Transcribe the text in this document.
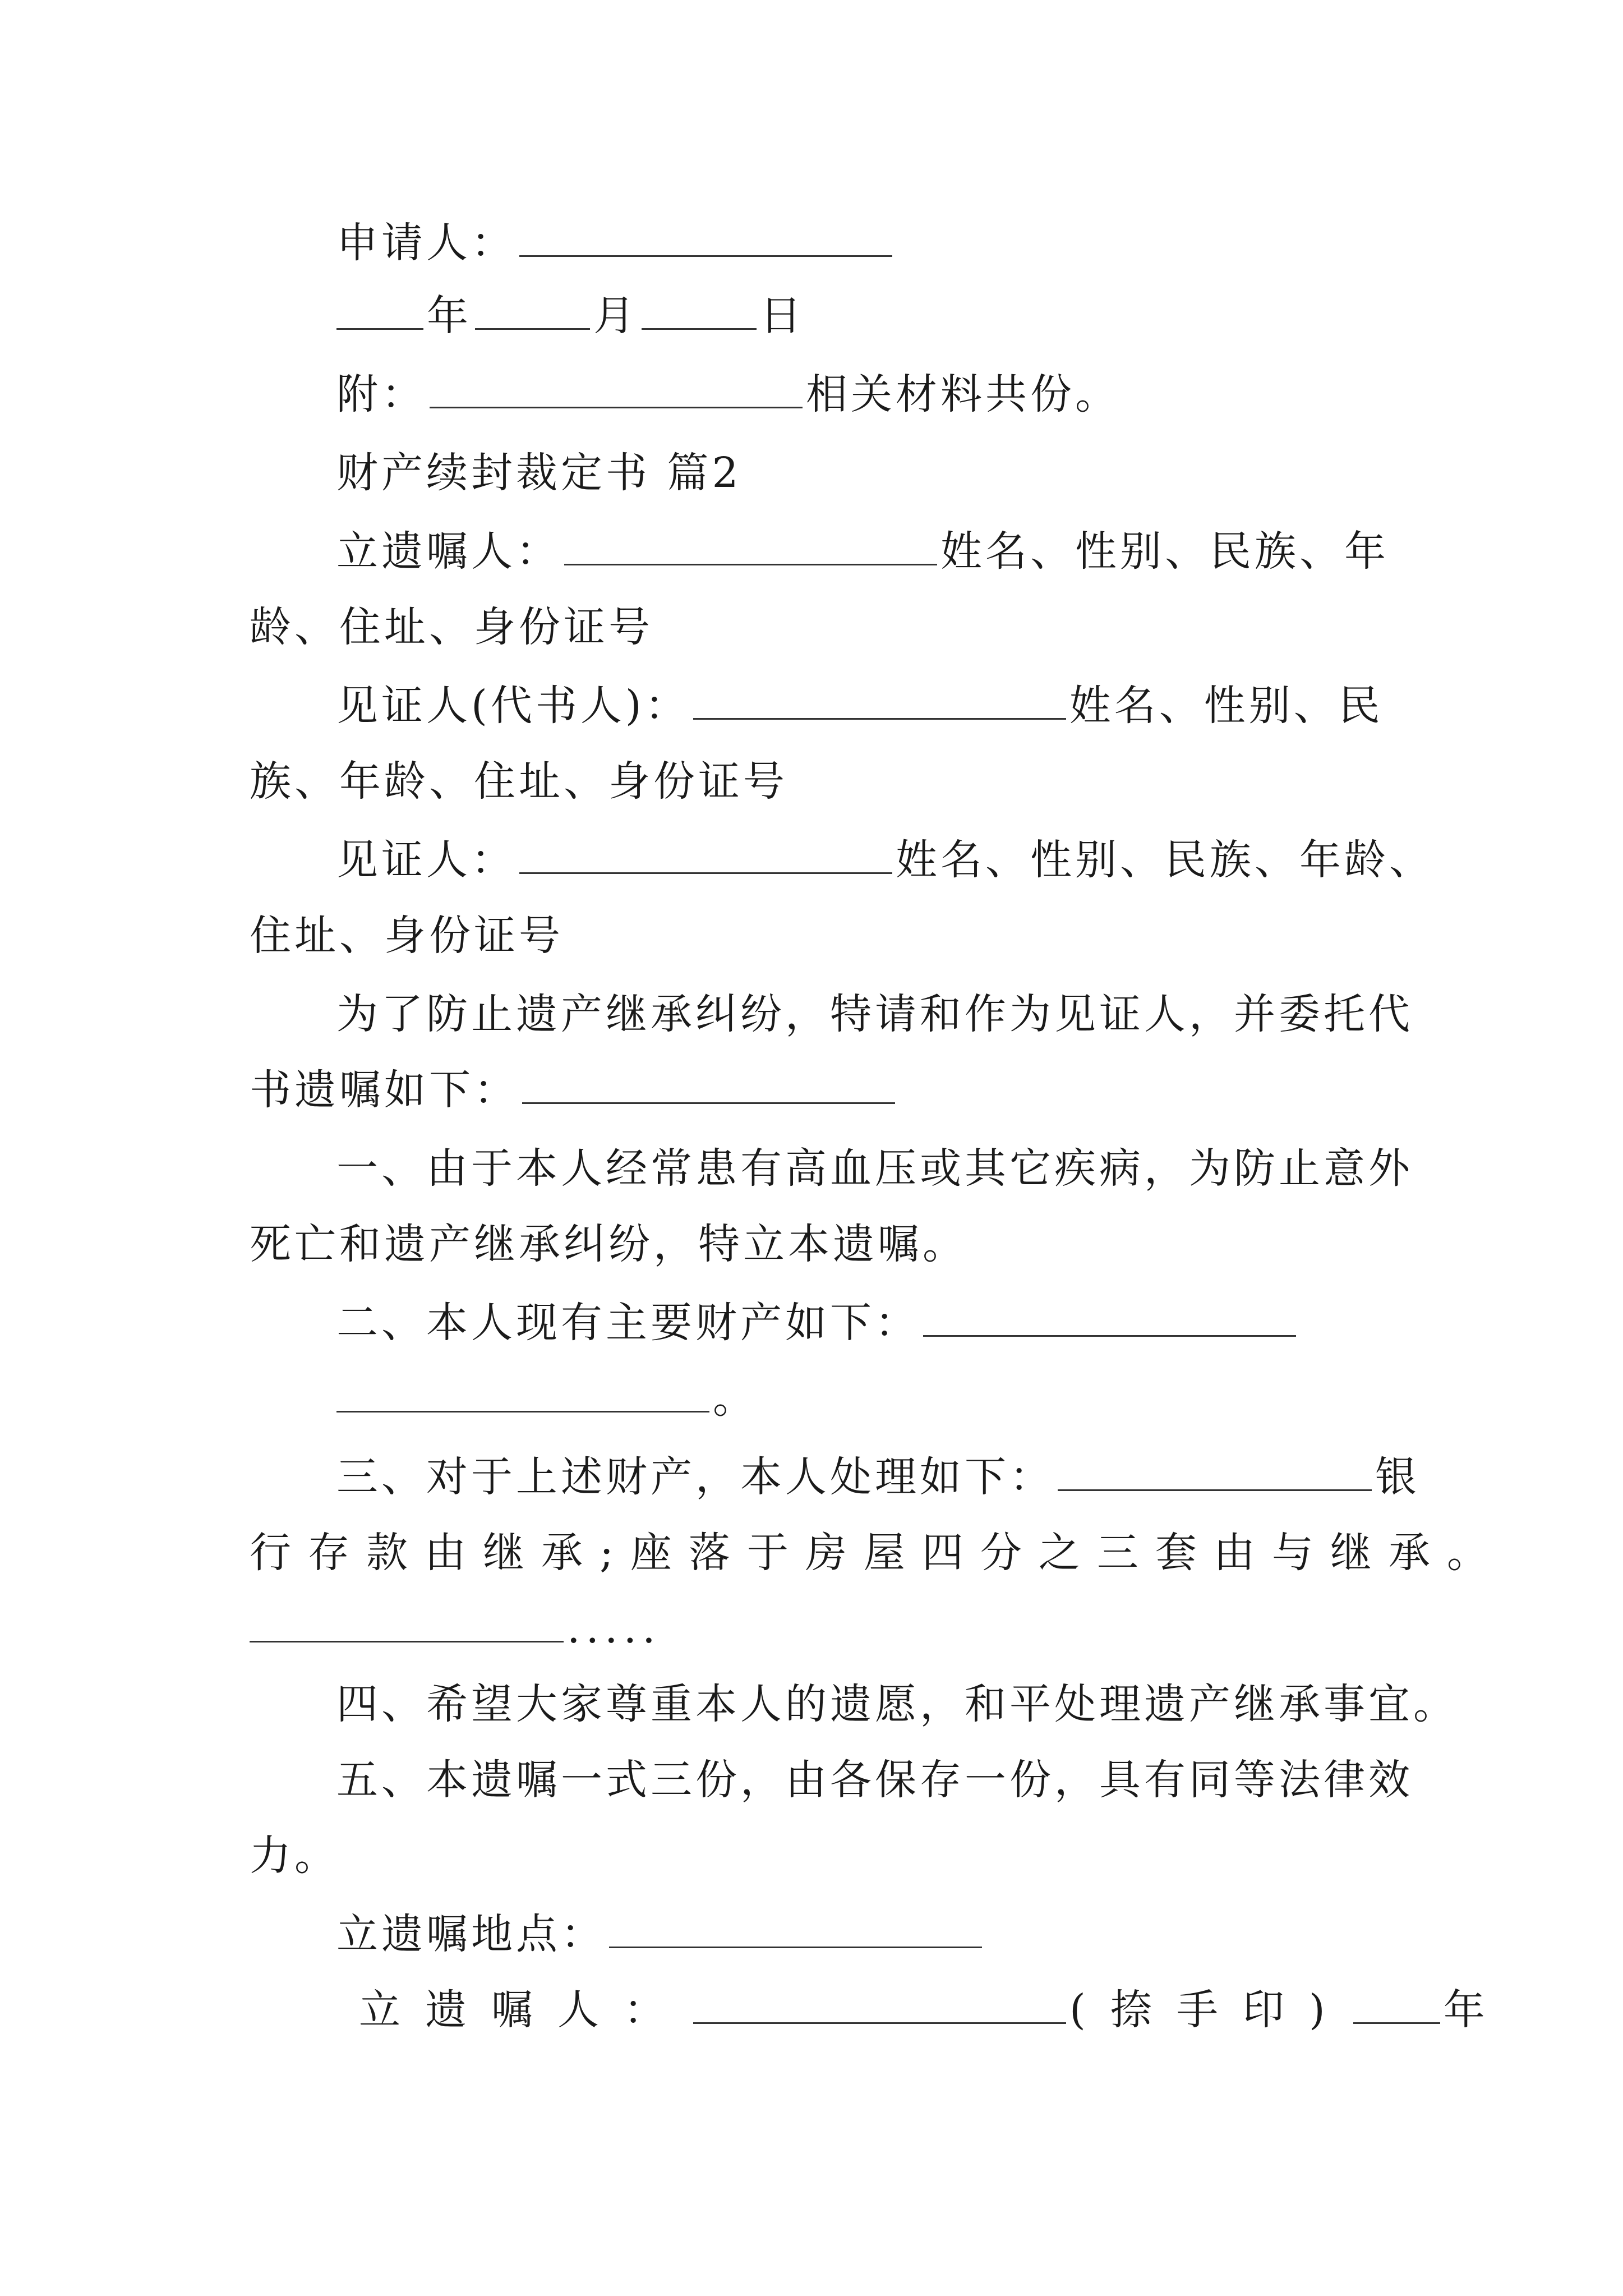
申请人：
年	月	日
附：	相关材料共份。
财产续封裁定书 篇2
立遗嘱人：	姓名、性别、民族、年
龄、住址、身份证号
见证人(代书人)：	姓名、性别、民
族、年龄、住址、身份证号
见证人：	姓名、性别、民族、年龄、
住址、身份证号
为了防止遗产继承纠纷，特请和作为见证人，并委托代
书遗嘱如下：
一、由于本人经常患有高血压或其它疾病，为防止意外
死亡和遗产继承纠纷，特立本遗嘱。
二、本人现有主要财产如下：
。
三、对于上述财产，本人处理如下：	银
行存款由继承;座落于房屋四分之三套由与继承。
.....
四、希望大家尊重本人的遗愿，和平处理遗产继承事宜。
五、本遗嘱一式三份，由各保存一份，具有同等法律效
力。
立遗嘱地点：
立遗嘱人：	(捺手印) 年
